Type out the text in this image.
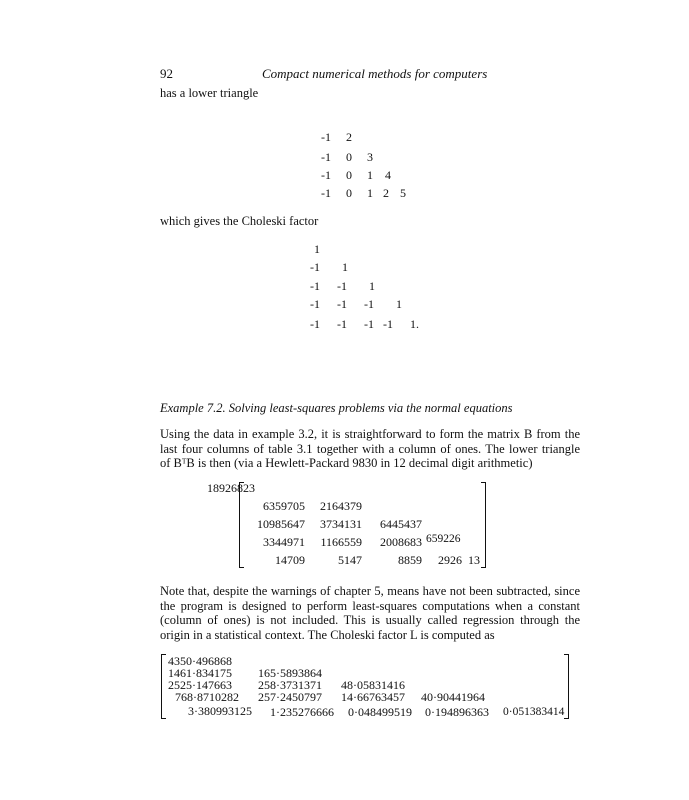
92	Compact numerical methods for computers
has a lower triangle
-1 2
-1 0 3
-1 0 1 4
-1 0 1 2 5
which gives the Choleski factor
1
-1 1
-1 -1 1
-1 -1 -1 1
-1 -1 -1 -1 1.
Example 7.2. Solving least-squares problems via the normal equations
Using the data in example 3.2, it is straightforward to form the matrix B from the
last four columns of table 3.1 together with a column of ones. The lower triangle
of BᵀB is then (via a Hewlett-Packard 9830 in 12 decimal digit arithmetic)
18926823
6359705	2164379
10985647	3734131	6445437
3344971	1166559	2008683 659226
14709	5147	8859	2926 13
Note that, despite the warnings of chapter 5, means have not been subtracted, since
the program is designed to perform least-squares computations when a constant
(column of ones) is not included. This is usually called regression through the
origin in a statistical context. The Choleski factor L is computed as
4350·496868
1461·834175 165·5893864
2525·147663 258·3731371 48·05831416
768·8710282 257·2450797 14·66763457 40·90441964
3·380993125 1·235276666 0·048499519 0·194896363 0·051383414
